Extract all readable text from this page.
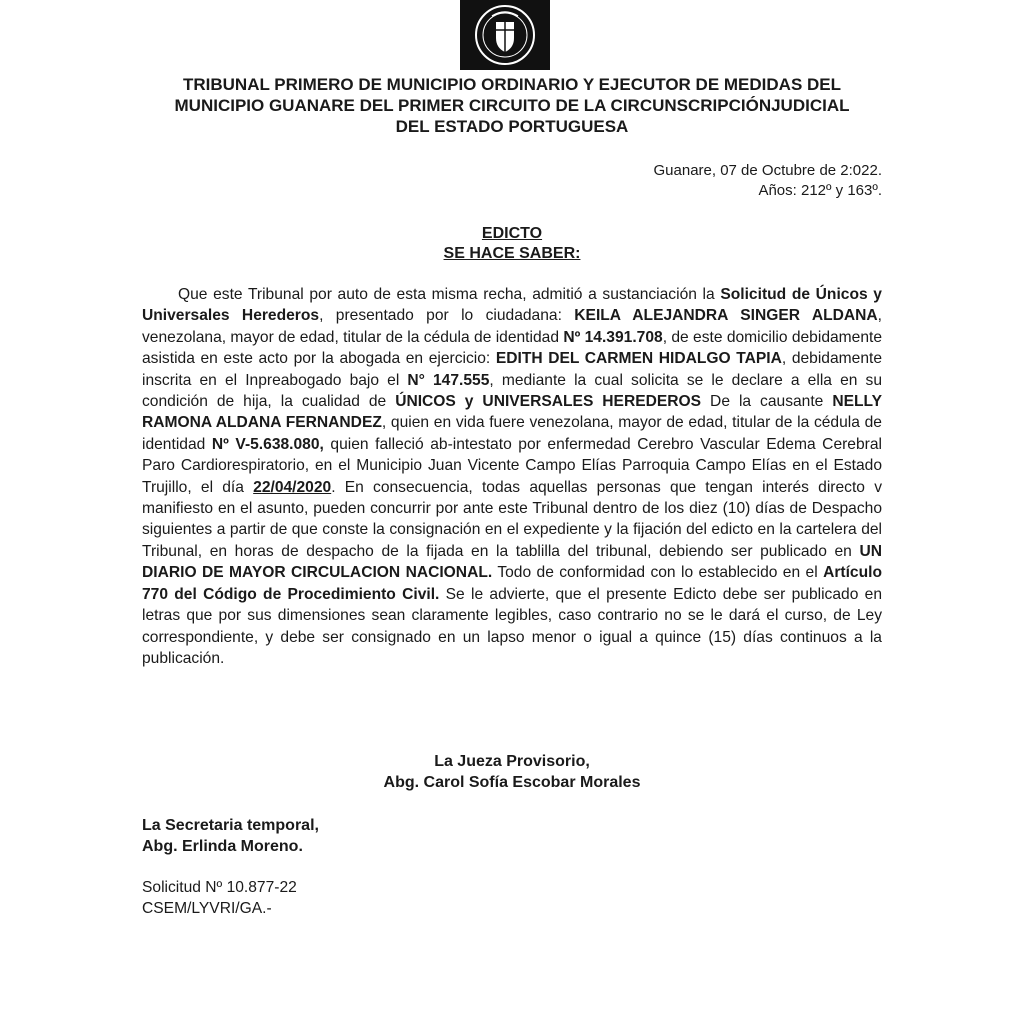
TRIBUNAL PRIMERO DE MUNICIPIO ORDINARIO Y EJECUTOR DE MEDIDAS DEL
MUNICIPIO GUANARE DEL PRIMER CIRCUITO DE LA CIRCUNSCRIPCIÓNJUDICIAL
DEL ESTADO PORTUGUESA
Guanare, 07 de Octubre de 2:022.
Años: 212º y 163º.
EDICTO
SE HACE SABER:

Que este Tribunal por auto de esta misma recha, admitió a sustanciación la Solicitud de Únicos y Universales Herederos, presentado por lo ciudadana: KEILA ALEJANDRA SINGER ALDANA, venezolana, mayor de edad, titular de la cédula de identidad Nº 14.391.708, de este domicilio debidamente asistida en este acto por la abogada en ejercicio: EDITH DEL CARMEN HIDALGO TAPIA, debidamente inscrita en el Inpreabogado bajo el N° 147.555, mediante la cual solicita se le declare a ella en su condición de hija, la cualidad de ÚNICOS y UNIVERSALES HEREDEROS De la causante NELLY RAMONA ALDANA FERNANDEZ, quien en vida fuere venezolana, mayor de edad, titular de la cédula de identidad Nº V-5.638.080, quien falleció ab-intestato por enfermedad Cerebro Vascular Edema Cerebral Paro Cardiorespiratorio, en el Municipio Juan Vicente Campo Elías Parroquia Campo Elías en el Estado Trujillo, el día 22/04/2020. En consecuencia, todas aquellas personas que tengan interés directo v manifiesto en el asunto, pueden concurrir por ante este Tribunal dentro de los diez (10) días de Despacho siguientes a partir de que conste la consignación en el expediente y la fijación del edicto en la cartelera del Tribunal, en horas de despacho de la fijada en la tablilla del tribunal, debiendo ser publicado en UN DIARIO DE MAYOR CIRCULACION NACIONAL. Todo de conformidad con lo establecido en el Artículo 770 del Código de Procedimiento Civil. Se le advierte, que el presente Edicto debe ser publicado en letras que por sus dimensiones sean claramente legibles, caso contrario no se le dará el curso, de Ley correspondiente, y debe ser consignado en un lapso menor o igual a quince (15) días continuos a la publicación.

La Jueza Provisorio,
Abg. Carol Sofía Escobar Morales
La Secretaria temporal,
Abg. Erlinda Moreno.
Solicitud Nº 10.877-22
CSEM/LYVRI/GA.-
